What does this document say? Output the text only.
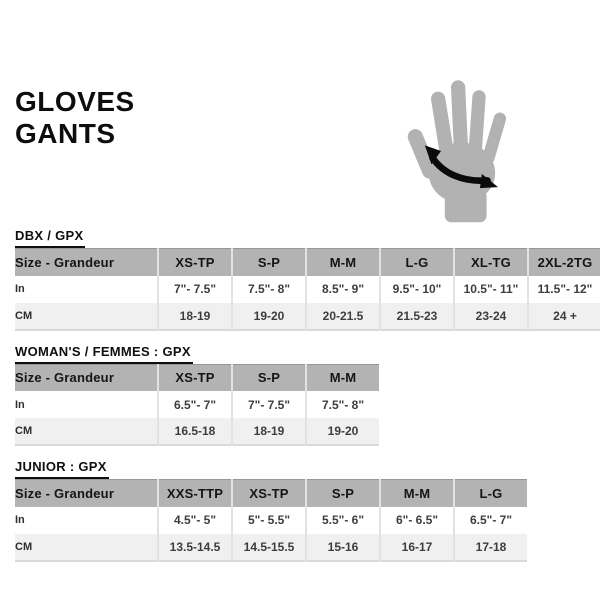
GLOVES
GANTS
DBX / GPX
Size - Grandeur	XS-TP	S-P	M-M	L-G	XL-TG	2XL-2TG
In	7"- 7.5"	7.5"- 8"	8.5"- 9"	9.5"- 10"	10.5"- 11"	11.5"- 12"
CM	18-19	19-20	20-21.5	21.5-23	23-24	24 +
WOMAN'S / FEMMES : GPX
Size - Grandeur	XS-TP	S-P	M-M
In	6.5"- 7"	7"- 7.5"	7.5"- 8"
CM	16.5-18	18-19	19-20
JUNIOR : GPX
Size - Grandeur	XXS-TTP	XS-TP	S-P	M-M	L-G
In	4.5"- 5"	5"- 5.5"	5.5"- 6"	6"- 6.5"	6.5"- 7"
CM	13.5-14.5	14.5-15.5	15-16	16-17	17-18
